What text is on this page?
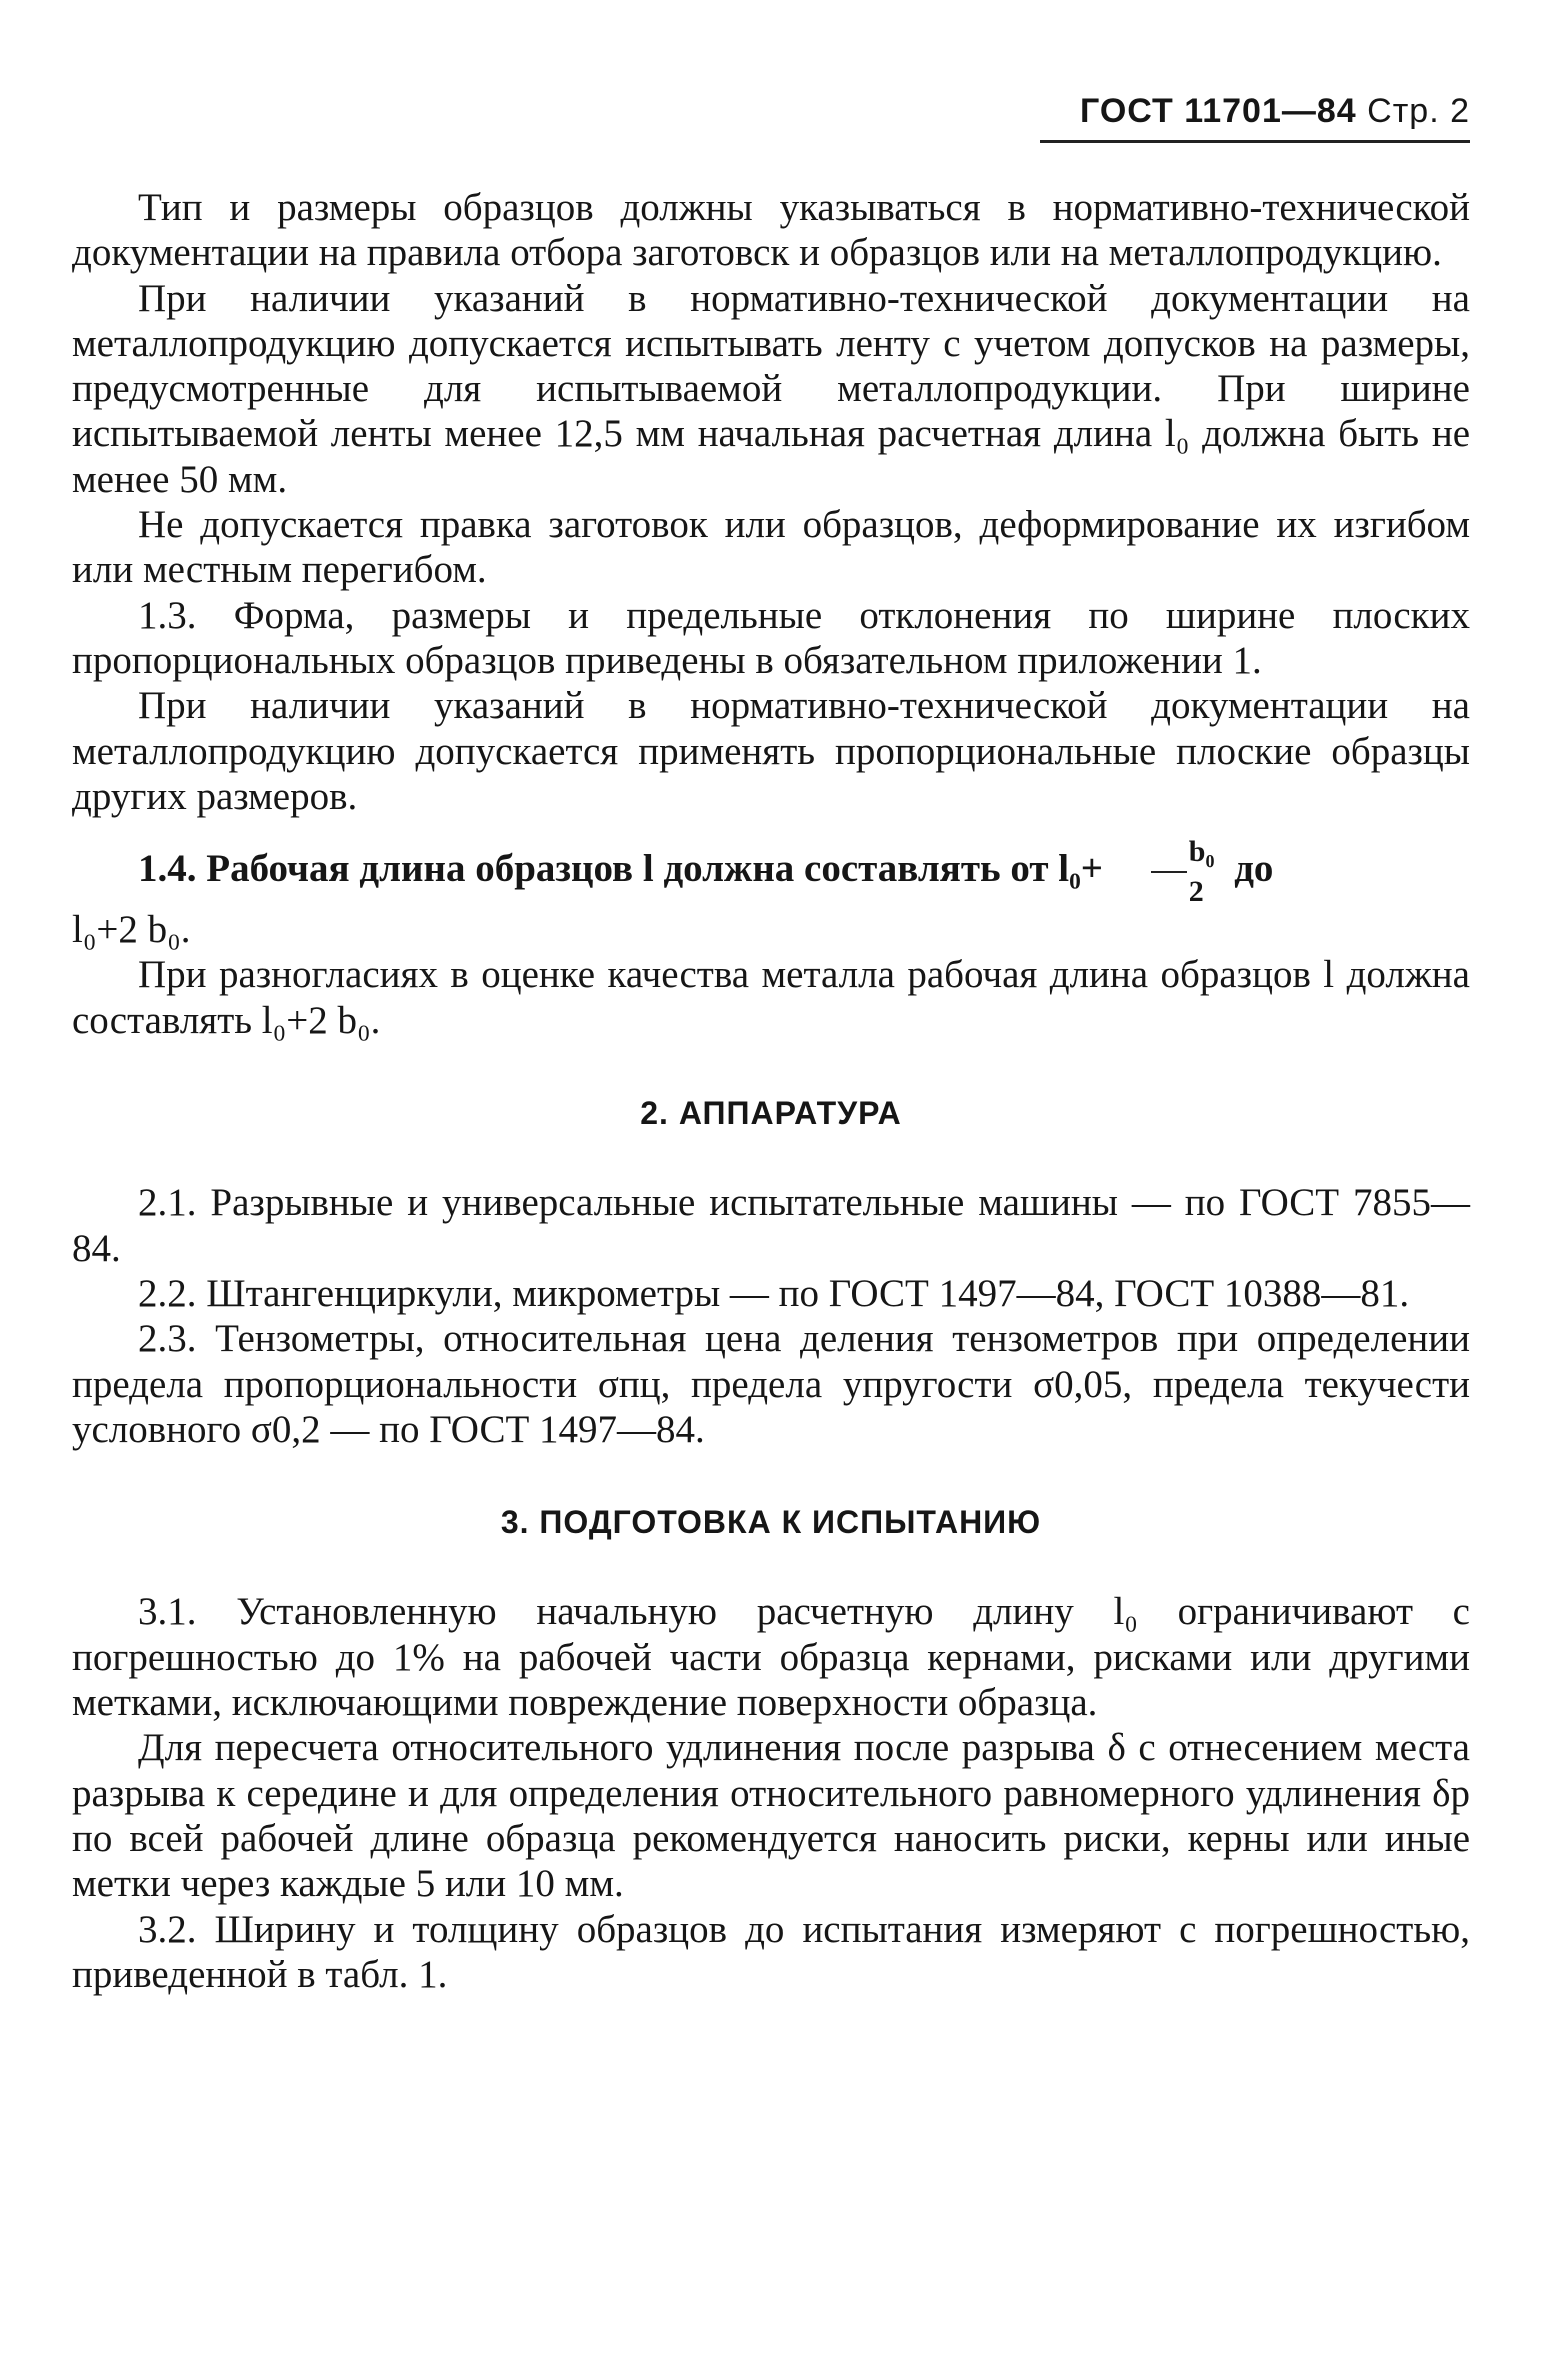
ГОСТ 11701—84 Стр. 2

Тип и размеры образцов должны указываться в нормативно-технической документации на правила отбора заготовск и образцов или на металлопродукцию.

При наличии указаний в нормативно-технической документации на металлопродукцию допускается испытывать ленту с учетом допусков на размеры, предусмотренные для испытываемой металлопродукции. При ширине испытываемой ленты менее 12,5 мм начальная расчетная длина l₀ должна быть не менее 50 мм.

Не допускается правка заготовок или образцов, деформирование их изгибом или местным перегибом.

1.3. Форма, размеры и предельные отклонения по ширине плоских пропорциональных образцов приведены в обязательном приложении 1.

При наличии указаний в нормативно-технической документации на металлопродукцию допускается применять пропорциональные плоские образцы других размеров.

1.4. Рабочая длина образцов l должна составлять от $l_0+ \frac{\text{b₀}}{2}$ до

l₀+2 b₀.

При разногласиях в оценке качества металла рабочая длина образцов l должна составлять l₀+2 b₀.

2. АППАРАТУРА

2.1. Разрывные и универсальные испытательные машины — по ГОСТ 7855—84.

2.2. Штангенциркули, микрометры — по ГОСТ 1497—84, ГОСТ 10388—81.

2.3. Тензометры, относительная цена деления тензометров при определении предела пропорциональности σпц, предела упругости σ0,05, предела текучести условного σ0,2 — по ГОСТ 1497—84.

3. ПОДГОТОВКА К ИСПЫТАНИЮ

3.1. Установленную начальную расчетную длину l₀ ограничивают с погрешностью до 1% на рабочей части образца кернами, рисками или другими метками, исключающими повреждение поверхности образца.

Для пересчета относительного удлинения после разрыва δ с отнесением места разрыва к середине и для определения относительного равномерного удлинения δр по всей рабочей длине образца рекомендуется наносить риски, керны или иные метки через каждые 5 или 10 мм.

3.2. Ширину и толщину образцов до испытания измеряют с погрешностью, приведенной в табл. 1.
